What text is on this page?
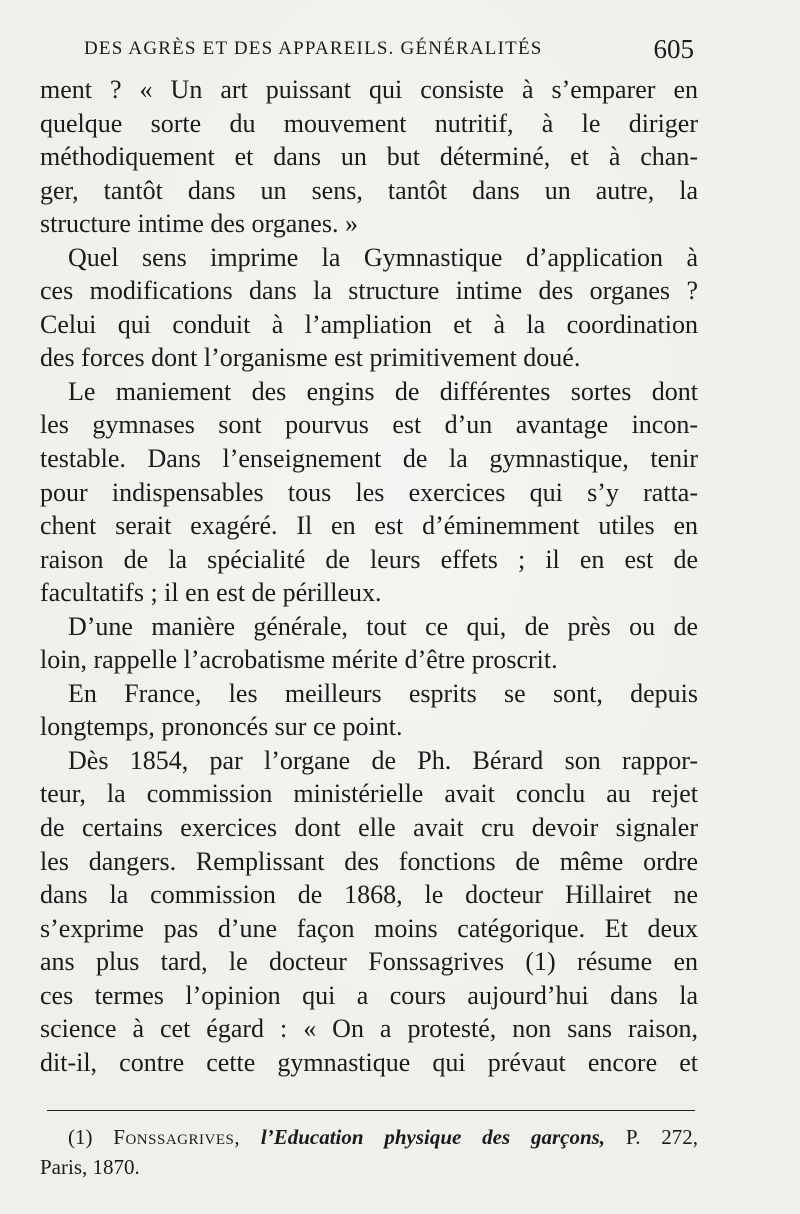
DES AGRÈS ET DES APPAREILS. GÉNÉRALITÉS	605
ment ? « Un art puissant qui consiste à s’emparer en
quelque sorte du mouvement nutritif, à le diriger
méthodiquement et dans un but déterminé, et à chan-
ger, tantôt dans un sens, tantôt dans un autre, la
structure intime des organes. »
Quel sens imprime la Gymnastique d’application à
ces modifications dans la structure intime des organes ?
Celui qui conduit à l’ampliation et à la coordination
des forces dont l’organisme est primitivement doué.
Le maniement des engins de différentes sortes dont
les gymnases sont pourvus est d’un avantage incon-
testable. Dans l’enseignement de la gymnastique, tenir
pour indispensables tous les exercices qui s’y ratta-
chent serait exagéré. Il en est d’éminemment utiles en
raison de la spécialité de leurs effets ; il en est de
facultatifs ; il en est de périlleux.
D’une manière générale, tout ce qui, de près ou de
loin, rappelle l’acrobatisme mérite d’être proscrit.
En France, les meilleurs esprits se sont, depuis
longtemps, prononcés sur ce point.
Dès 1854, par l’organe de Ph. Bérard son rappor-
teur, la commission ministérielle avait conclu au rejet
de certains exercices dont elle avait cru devoir signaler
les dangers. Remplissant des fonctions de même ordre
dans la commission de 1868, le docteur Hillairet ne
s’exprime pas d’une façon moins catégorique. Et deux
ans plus tard, le docteur Fonssagrives (1) résume en
ces termes l’opinion qui a cours aujourd’hui dans la
science à cet égard : « On a protesté, non sans raison,
dit-il, contre cette gymnastique qui prévaut encore et
(1) Fonssagrives, l’Education physique des garçons, P. 272,
Paris, 1870.
